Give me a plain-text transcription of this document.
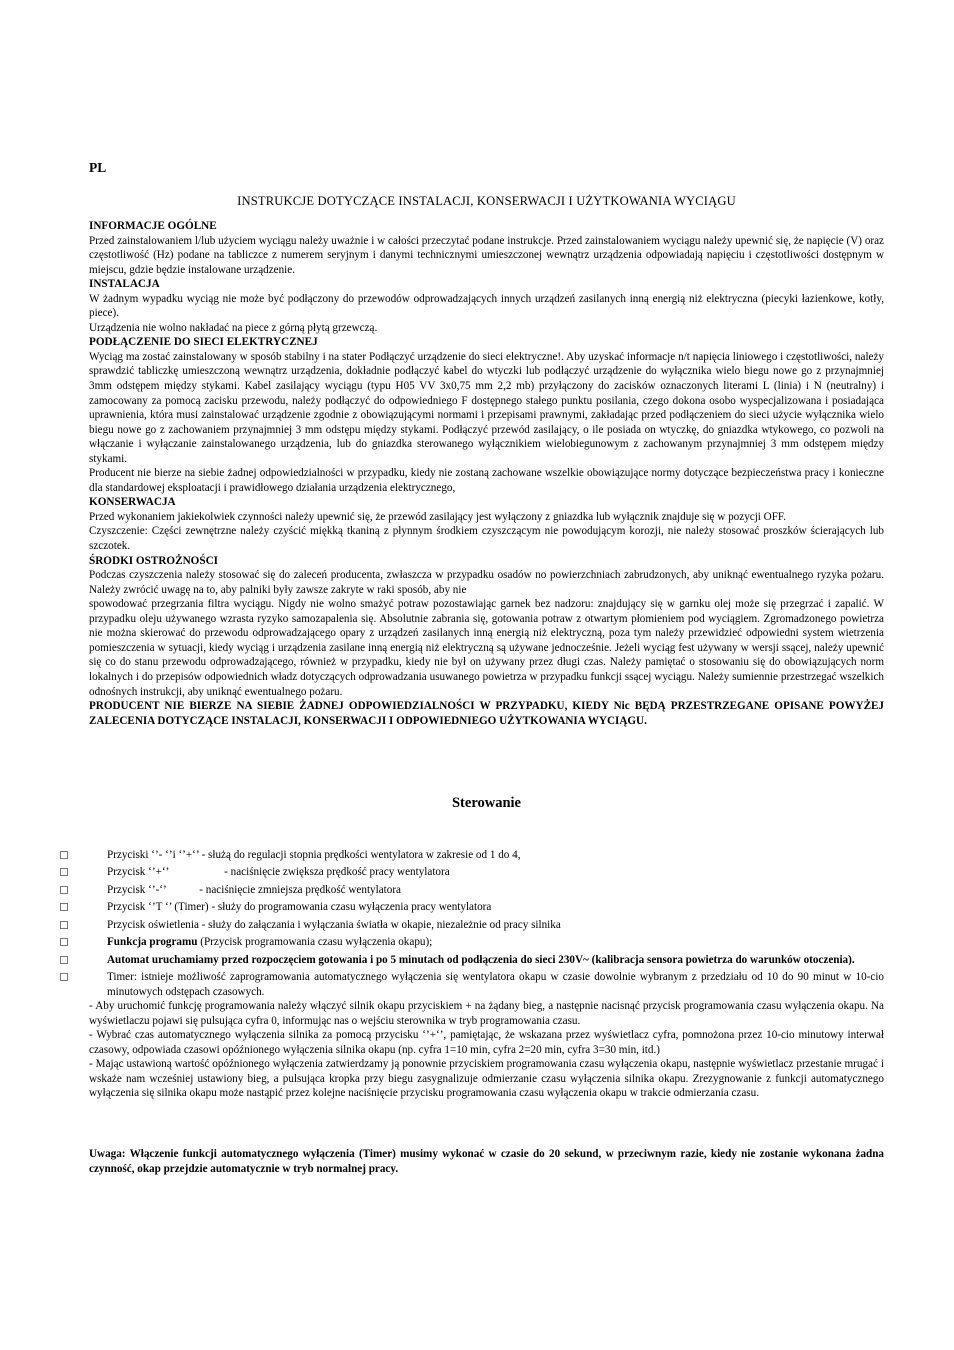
PL
INSTRUKCJE DOTYCZĄCE INSTALACJI, KONSERWACJI I UŻYTKOWANIA WYCIĄGU
INFORMACJE OGÓLNE

Przed zainstalowaniem l/lub użyciem wyciągu należy uważnie i w całości przeczytać podane instrukcje. Przed zainstalowaniem wyciągu należy upewnić się, że napięcie (V) oraz częstotliwość (Hz) podane na tabliczce z numerem seryjnym i danymi technicznymi umieszczonej wewnątrz urządzenia odpowiadają napięciu i częstotliwości dostępnym w miejscu, gdzie będzie instalowane urządzenie.

INSTALACJA

W żadnym wypadku wyciąg nie może być podłączony do przewodów odprowadzających innych urządzeń zasilanych inną energią niż elektryczna (piecyki łazienkowe, kotły, piece).

Urządzenia nie wolno nakładać na piece z górną płytą grzewczą.

PODŁĄCZENIE DO SIECI ELEKTRYCZNEJ

Wyciąg ma zostać zainstalowany w sposób stabilny i na stater Podłączyć urządzenie do sieci elektryczne!. Aby uzyskać informacje n/t napięcia liniowego i częstotliwości, należy sprawdzić tabliczkę umieszczoną wewnątrz urządzenia, dokładnie podłączyć kabel do wtyczki lub podłączyć urządzenie do wyłącznika wielo biegu nowe go z przynajmniej 3mm odstępem między stykami. Kabel zasilający wyciągu (typu H05 VV 3x0,75 mm 2,2 mb) przyłączony do zacisków oznaczonych literami L (linia) i N (neutralny) i zamocowany za pomocą zacisku przewodu, należy podłączyć do odpowiedniego F dostępnego stałego punktu posilania, czego dokona osobo wyspecjalizowana i posiadająca uprawnienia, która musi zainstalować urządzenie zgodnie z obowiązującymi normami i przepisami prawnymi, zakładając przed podłączeniem do sieci użycie wyłącznika wielo biegu nowe go z zachowaniem przynajmniej 3 mm odstępu między stykami. Podłączyć przewód zasilający, o ile posiada on wtyczkę, do gniazdka wtykowego, co pozwoli na włączanie i wyłączanie zainstalowanego urządzenia, lub do gniazdka sterowanego wyłącznikiem wielobiegunowym z zachowanym przynajmniej 3 mm odstępem między stykami.

Producent nie bierze na siebie żadnej odpowiedzialności w przypadku, kiedy nie zostaną zachowane wszelkie obowiązujące normy dotyczące bezpieczeństwa pracy i konieczne dla standardowej eksploatacji i prawidłowego działania urządzenia elektrycznego,

KONSERWACJA

Przed wykonaniem jakiekolwiek czynności należy upewnić się, że przewód zasilający jest wyłączony z gniazdka lub wyłącznik znajduje się w pozycji OFF.

Czyszczenie: Części zewnętrzne należy czyścić miękką tkaniną z płynnym środkiem czyszczącym nie powodującym korozji, nie należy stosować proszków ścierających lub szczotek.

ŚRODKI OSTROŻNOŚCI

Podczas czyszczenia należy stosować się do zaleceń producenta, zwłaszcza w przypadku osadów no powierzchniach zabrudzonych, aby uniknąć ewentualnego ryzyka pożaru. Należy zwrócić uwagę na to, aby palniki były zawsze zakryte w raki sposób, aby nie

spowodować przegrzania filtra wyciągu. Nigdy nie wolno smażyć potraw pozostawiając garnek bez nadzoru: znajdujący się w garnku olej może się przegrzać i zapalić. W przypadku oleju używanego wzrasta ryzyko samozapalenia się. Absolutnie zabrania się, gotowania potraw z otwartym płomieniem pod wyciągiem. Zgromadzonego powietrza nie można skierować do przewodu odprowadzającego opary z urządzeń zasilanych inną energią niż elektryczną, poza tym należy przewidzieć odpowiedni system wietrzenia pomieszczenia w sytuacji, kiedy wyciąg i urządzenia zasilane inną energią niż elektryczną są używane jednocześnie. Jeżeli wyciąg fest używany w wersji ssącej, należy upewnić się co do stanu przewodu odprowadzającego, również w przypadku, kiedy nie był on używany przez długi czas. Należy pamiętać o stosowaniu się do obowiązujących norm lokalnych i do przepisów odpowiednich władz dotyczących odprowadzania usuwanego powietrza w przypadku funkcji ssącej wyciągu. Należy sumiennie przestrzegać wszelkich odnośnych instrukcji, aby uniknąć ewentualnego pożaru.

PRODUCENT NIE BIERZE NA SIEBIE ŻADNEJ ODPOWIEDZIALNOŚCI W PRZYPADKU, KIEDY Nic BĘDĄ PRZESTRZEGANE OPISANE POWYŻEJ ZALECENIA DOTYCZĄCE INSTALACJI, KONSERWACJI I ODPOWIEDNIEGO UŻYTKOWANIA WYCIĄGU.

Sterowanie
Przyciski ‘’- ‘’i ‘’+‘’ - służą do regulacji stopnia prędkości wentylatora w zakresie od 1 do 4,
Przycisk ‘’+‘’                    - naciśnięcie zwiększa prędkość pracy wentylatora
Przycisk ‘’-‘’            - naciśnięcie zmniejsza prędkość wentylatora
Przycisk ‘’T ‘’ (Timer) - służy do programowania czasu wyłączenia pracy wentylatora
Przycisk oświetlenia - służy do załączania i wyłączania światła w okapie, niezależnie od pracy silnika
Funkcja programu (Przycisk programowania czasu wyłączenia okapu);
Automat uruchamiamy przed rozpoczęciem gotowania i po 5 minutach od podłączenia do sieci 230V~ (kalibracja sensora powietrza do warunków otoczenia).
Timer: istnieje możliwość zaprogramowania automatycznego wyłączenia się wentylatora okapu w czasie dowolnie wybranym z przedziału od 10 do 90 minut w 10-cio minutowych odstępach czasowych.

- Aby uruchomić funkcję programowania należy włączyć silnik okapu przyciskiem + na żądany bieg, a następnie nacisnąć przycisk programowania czasu wyłączenia okapu. Na wyświetlaczu pojawi się pulsująca cyfra 0, informując nas o wejściu sterownika w tryb programowania czasu.

- Wybrać czas automatycznego wyłączenia silnika za pomocą przycisku ‘’+‘’, pamiętając, że wskazana przez wyświetlacz cyfra, pomnożona przez 10-cio minutowy interwał czasowy, odpowiada czasowi opóźnionego wyłączenia silnika okapu (np. cyfra 1=10 min, cyfra 2=20 min, cyfra 3=30 min, itd.)

- Mając ustawioną wartość opóźnionego wyłączenia zatwierdzamy ją ponownie przyciskiem programowania czasu wyłączenia okapu, następnie wyświetlacz przestanie mrugać i wskaże nam wcześniej ustawiony bieg, a pulsująca kropka przy biegu zasygnalizuje odmierzanie czasu wyłączenia silnika okapu. Zrezygnowanie z funkcji automatycznego wyłączenia się silnika okapu może nastąpić przez kolejne naciśnięcie przycisku programowania czasu wyłączenia okapu w trakcie odmierzania czasu.

Uwaga: Włączenie funkcji automatycznego wyłączenia (Timer) musimy wykonać w czasie do 20 sekund, w przeciwnym razie, kiedy nie zostanie wykonana żadna czynność, okap przejdzie automatycznie w tryb normalnej pracy.
